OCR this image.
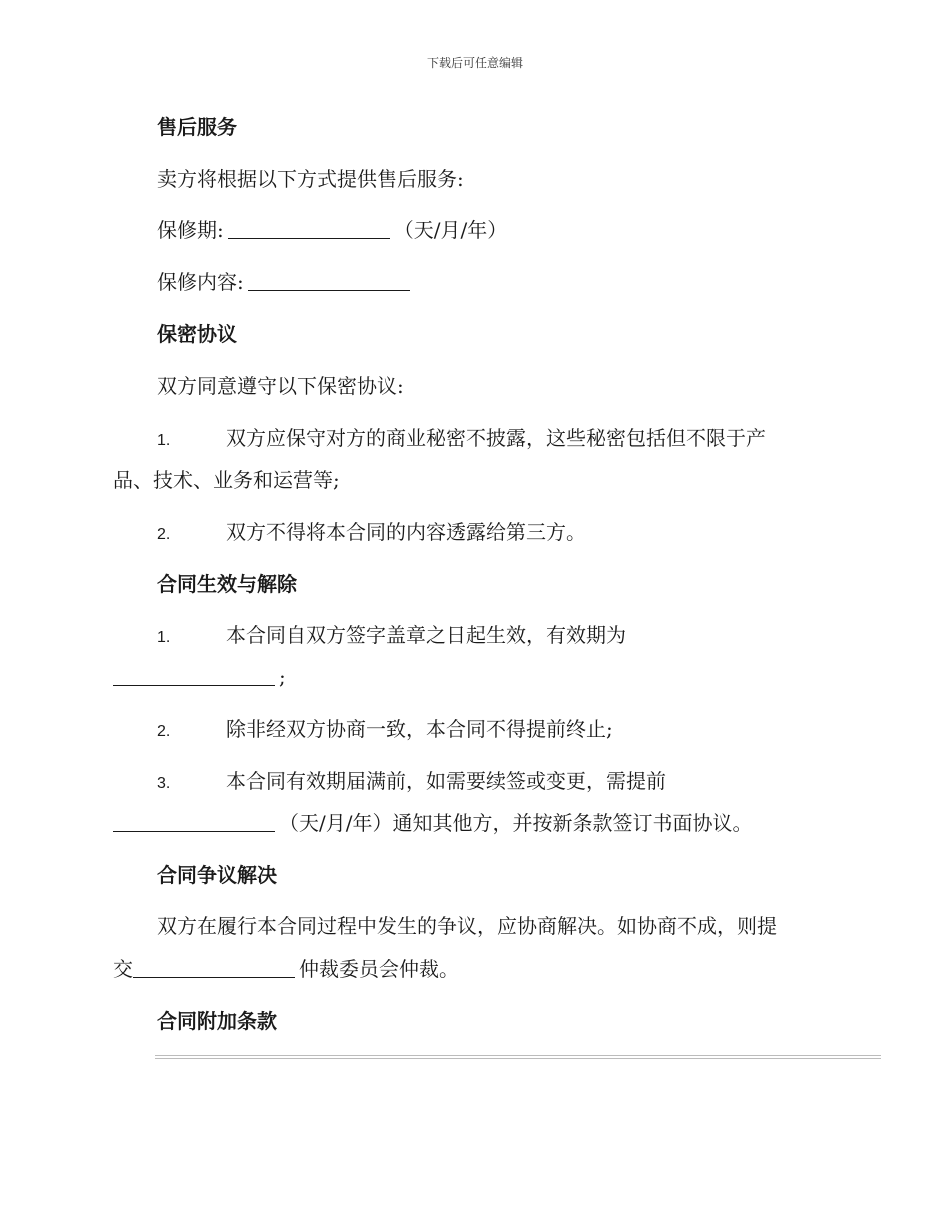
下载后可任意编辑
售后服务
卖方将根据以下方式提供售后服务:
保修期:	（天/月/年）
保修内容:
保密协议
双方同意遵守以下保密协议:
1.	双方应保守对方的商业秘密不披露，这些秘密包括但不限于产
品、技术、业务和运营等;
2.	双方不得将本合同的内容透露给第三方。
合同生效与解除
1.	本合同自双方签字盖章之日起生效，有效期为
;
2.	除非经双方协商一致，本合同不得提前终止;
3.	本合同有效期届满前，如需要续签或变更，需提前
（天/月/年）通知其他方，并按新条款签订书面协议。
合同争议解决
双方在履行本合同过程中发生的争议，应协商解决。如协商不成，则提
交	仲裁委员会仲裁。
合同附加条款
